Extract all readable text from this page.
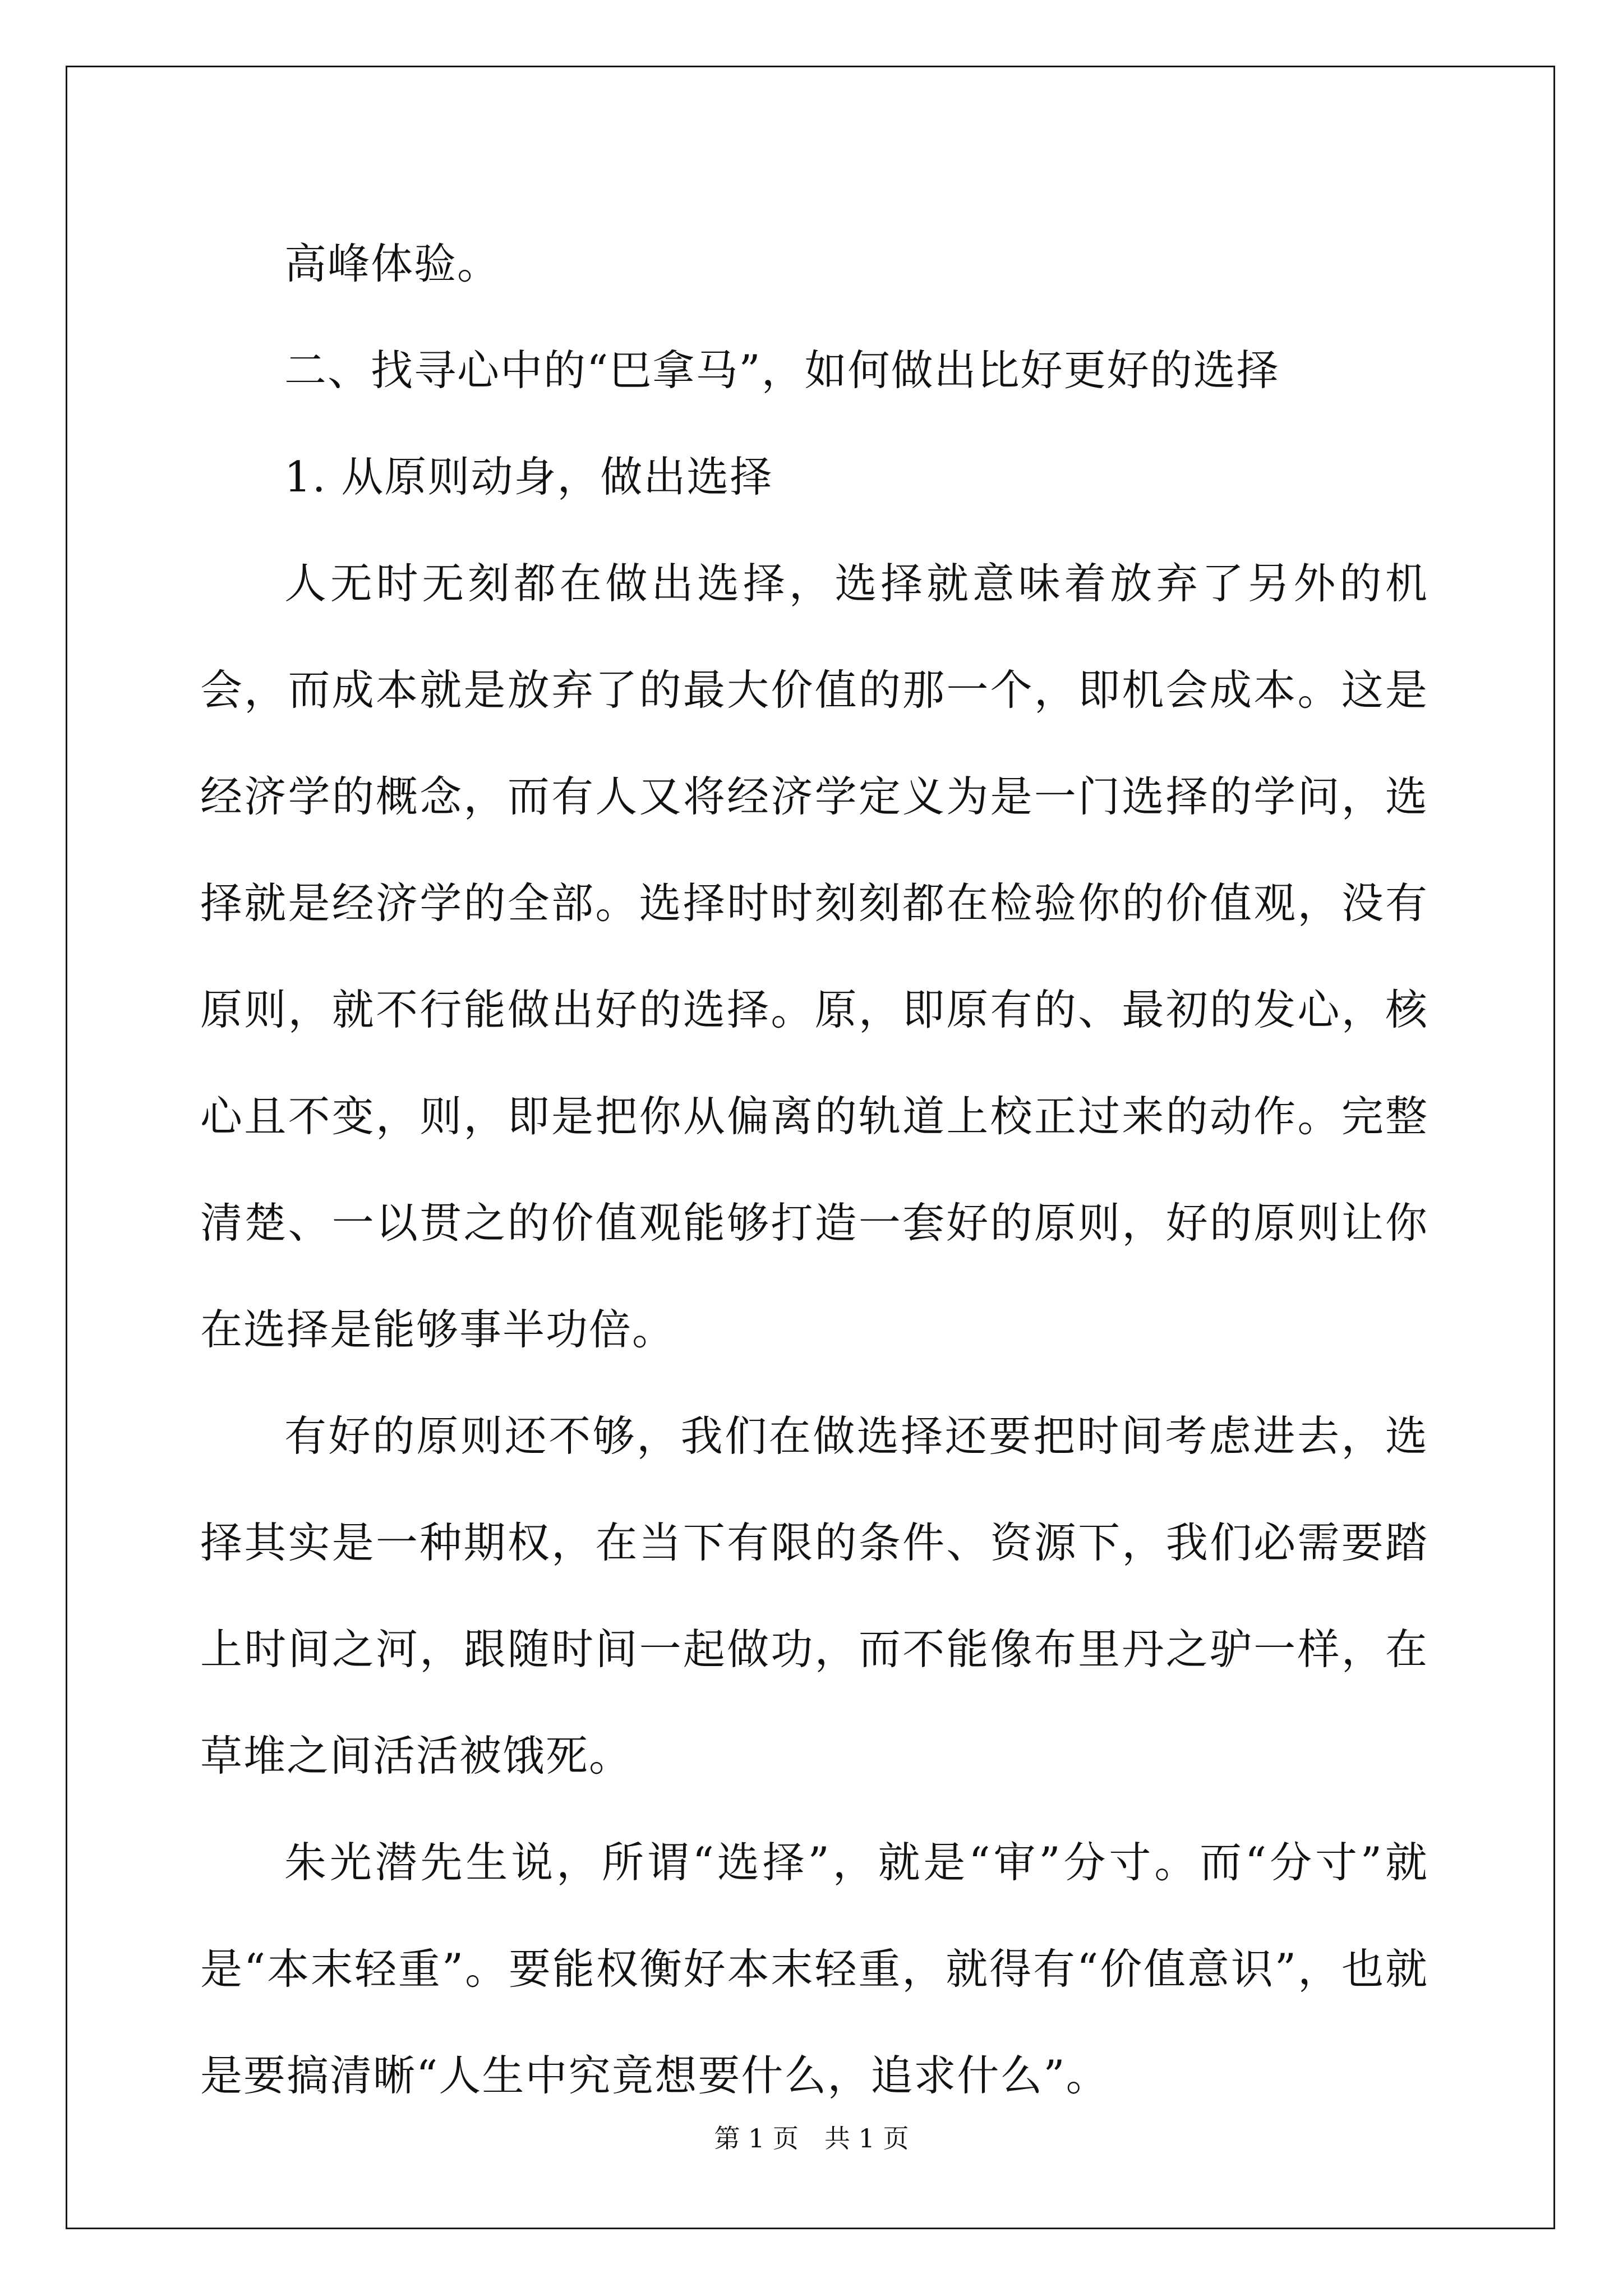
高峰体验。

二、找寻心中的“巴拿马”，如何做出比好更好的选择

1. 从原则动身，做出选择

人无时无刻都在做出选择，选择就意味着放弃了另外的机会，而成本就是放弃了的最大价值的那一个，即机会成本。这是经济学的概念，而有人又将经济学定义为是一门选择的学问，选择就是经济学的全部。选择时时刻刻都在检验你的价值观，没有原则，就不行能做出好的选择。原，即原有的、最初的发心，核心且不变，则，即是把你从偏离的轨道上校正过来的动作。完整清楚、一以贯之的价值观能够打造一套好的原则，好的原则让你在选择是能够事半功倍。

有好的原则还不够，我们在做选择还要把时间考虑进去，选择其实是一种期权，在当下有限的条件、资源下，我们必需要踏上时间之河，跟随时间一起做功，而不能像布里丹之驴一样，在草堆之间活活被饿死。

朱光潜先生说，所谓“选择”，就是“审”分寸。而“分寸”就是“本末轻重”。要能权衡好本末轻重，就得有“价值意识”，也就是要搞清晰“人生中究竟想要什么，追求什么”。

第 1 页　共 1 页
